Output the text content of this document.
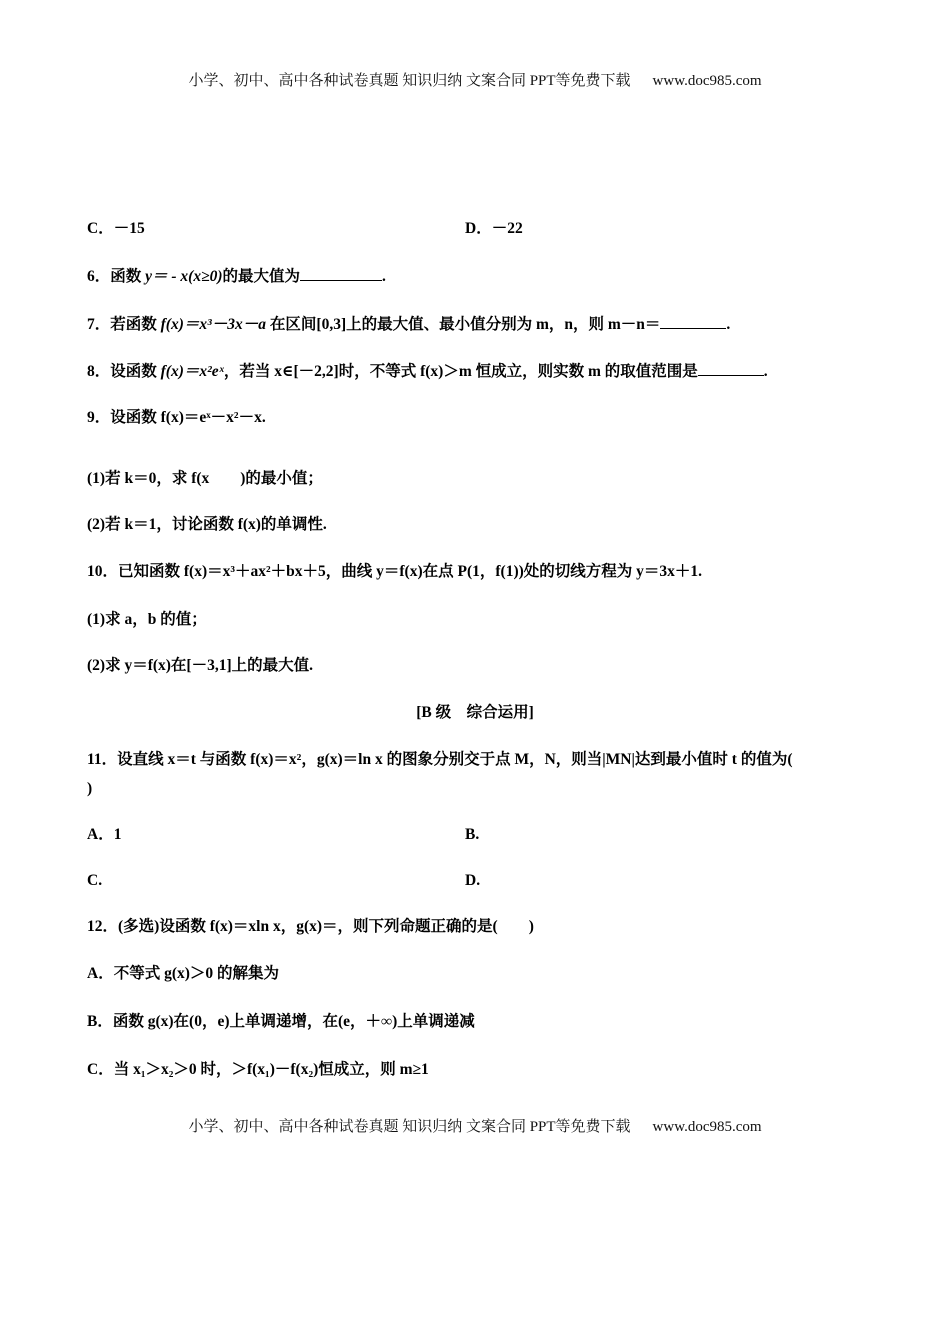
小学、初中、高中各种试卷真题 知识归纳 文案合同 PPT等免费下载 www.doc985.com
C．－15	D．－22
6．函数 y＝ - x(x≥0)的最大值为	.
7．若函数 f(x)＝x³－3x－a 在区间[0,3]上的最大值、最小值分别为 m，n，则 m－n＝	.
8．设函数 f(x)＝x²eˣ，若当 x∈[－2,2]时，不等式 f(x)＞m 恒成立，则实数 m 的取值范围是	.
9．设函数 f(x)＝eˣ－x²－x.
(1)若 k＝0，求 f(x　　)的最小值；
(2)若 k＝1，讨论函数 f(x)的单调性.
10．已知函数 f(x)＝x³＋ax²＋bx＋5，曲线 y＝f(x)在点 P(1，f(1))处的切线方程为 y＝3x＋1.
(1)求 a，b 的值；
(2)求 y＝f(x)在[－3,1]上的最大值.
[B 级　综合运用]
11．设直线 x＝t 与函数 f(x)＝x²，g(x)＝ln x 的图象分别交于点 M，N，则当|MN|达到最小值时 t 的值为(
)
A．1	B.
C.	D.
12．(多选)设函数 f(x)＝xln x，g(x)＝，则下列命题正确的是(　　)
A．不等式 g(x)＞0 的解集为
B．函数 g(x)在(0，e)上单调递增，在(e，＋∞)上单调递减
C．当 x₁＞x₂＞0 时，＞f(x₁)－f(x₂)恒成立，则 m≥1
小学、初中、高中各种试卷真题 知识归纳 文案合同 PPT等免费下载 www.doc985.com
